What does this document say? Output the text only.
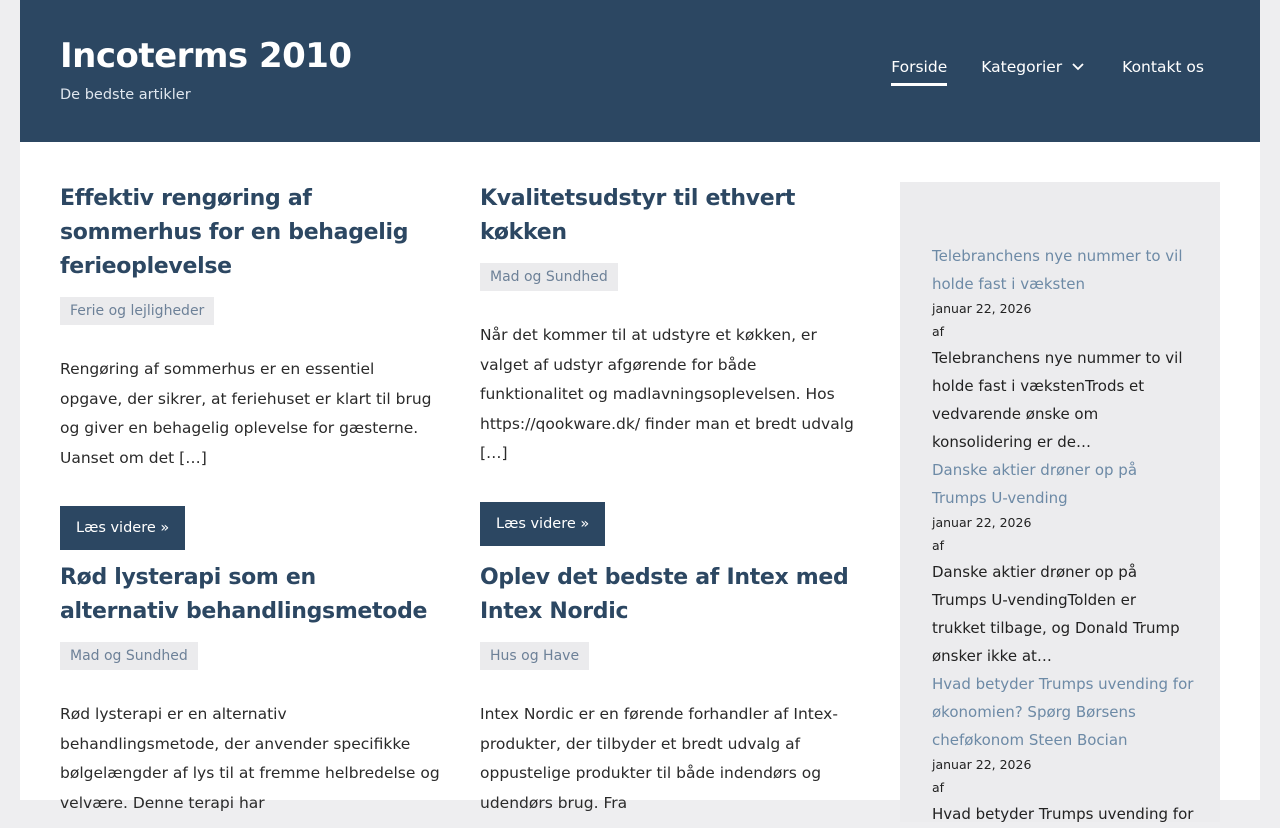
Incoterms 2010
De bedste artikler
Forside Kategorier	Kontakt os
Effektiv rengøring af sommerhus for en behagelig ferieoplevelse
Ferie og lejligheder
Rengøring af sommerhus er en essentiel opgave, der sikrer, at feriehuset er klart til brug og giver en behagelig oplevelse for gæsterne. Uanset om det […]
Læs videre »
Kvalitetsudstyr til ethvert køkken
Mad og Sundhed
Når det kommer til at udstyre et køkken, er valget af udstyr afgørende for både funktionalitet og madlavningsoplevelsen. Hos https://qookware.dk/ finder man et bredt udvalg […]
Læs videre »
Rød lysterapi som en alternativ behandlingsmetode
Mad og Sundhed
Rød lysterapi er en alternativ behandlingsmetode, der anvender specifikke bølgelængder af lys til at fremme helbredelse og velvære. Denne terapi har
Oplev det bedste af Intex med Intex Nordic
Hus og Have
Intex Nordic er en førende forhandler af Intex-produkter, der tilbyder et bredt udvalg af oppustelige produkter til både indendørs og udendørs brug. Fra
Telebranchens nye nummer to vil holde fast i væksten
januar 22, 2026
af
Telebranchens nye nummer to vil holde fast i vækstenTrods et vedvarende ønske om konsolidering er de…
Danske aktier drøner op på Trumps U-vending
januar 22, 2026
af
Danske aktier drøner op på Trumps U-vendingTolden er trukket tilbage, og Donald Trump ønsker ikke at…
Hvad betyder Trumps uvending for økonomien? Spørg Børsens cheføkonom Steen Bocian
januar 22, 2026
af
Hvad betyder Trumps uvending for
